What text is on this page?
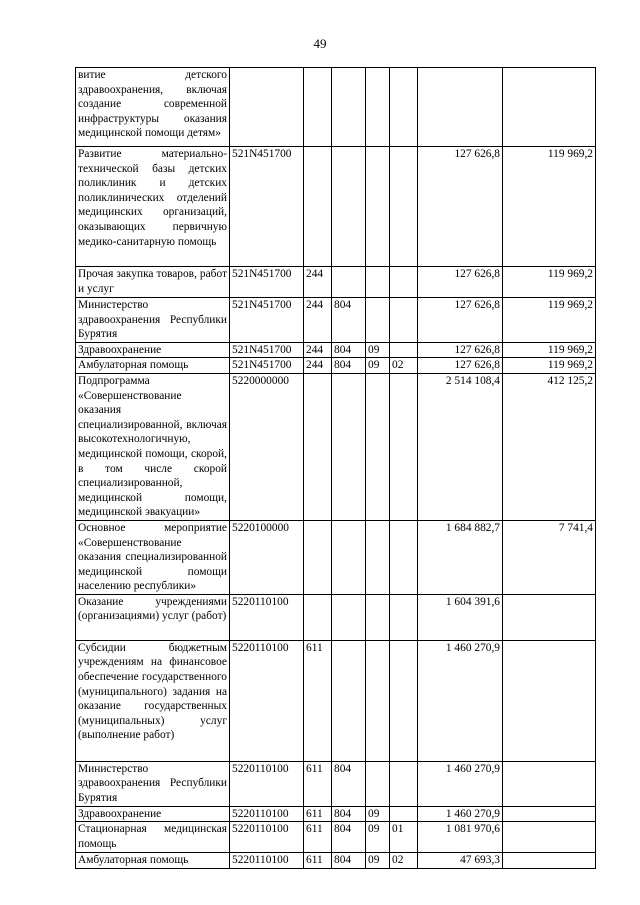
49
витие детского здравоохранения, включая создание современной инфраструктуры оказания медицинской помощи детям»							
Развитие материально-технической базы детских поликлиник и детских поликлинических отделений медицинских организаций, оказывающих первичную медико-санитарную помощь	521N451700					127 626,8	119 969,2
Прочая закупка товаров, работ и услуг	521N451700	244				127 626,8	119 969,2
Министерство здравоохранения Республики Бурятия	521N451700	244	804			127 626,8	119 969,2
Здравоохранение	521N451700	244	804	09		127 626,8	119 969,2
Амбулаторная помощь	521N451700	244	804	09	02	127 626,8	119 969,2
Подпрограмма «Совершенствование оказания специализированной, включая высокотехнологичную, медицинской помощи, скорой, в том числе скорой специализированной, медицинской помощи, медицинской эвакуации»	5220000000					2 514 108,4	412 125,2
Основное мероприятие «Совершенствование оказания специализированной медицинской помощи населению республики»	5220100000					1 684 882,7	7 741,4
Оказание учреждениями (организациями) услуг (работ)	5220110100					1 604 391,6	
Субсидии бюджетным учреждениям на финансовое обеспечение государственного (муниципального) задания на оказание государственных (муниципальных) услуг (выполнение работ)	5220110100	611				1 460 270,9	
Министерство здравоохранения Республики Бурятия	5220110100	611	804			1 460 270,9	
Здравоохранение	5220110100	611	804	09		1 460 270,9	
Стационарная медицинская помощь	5220110100	611	804	09	01	1 081 970,6	
Амбулаторная помощь	5220110100	611	804	09	02	47 693,3	
